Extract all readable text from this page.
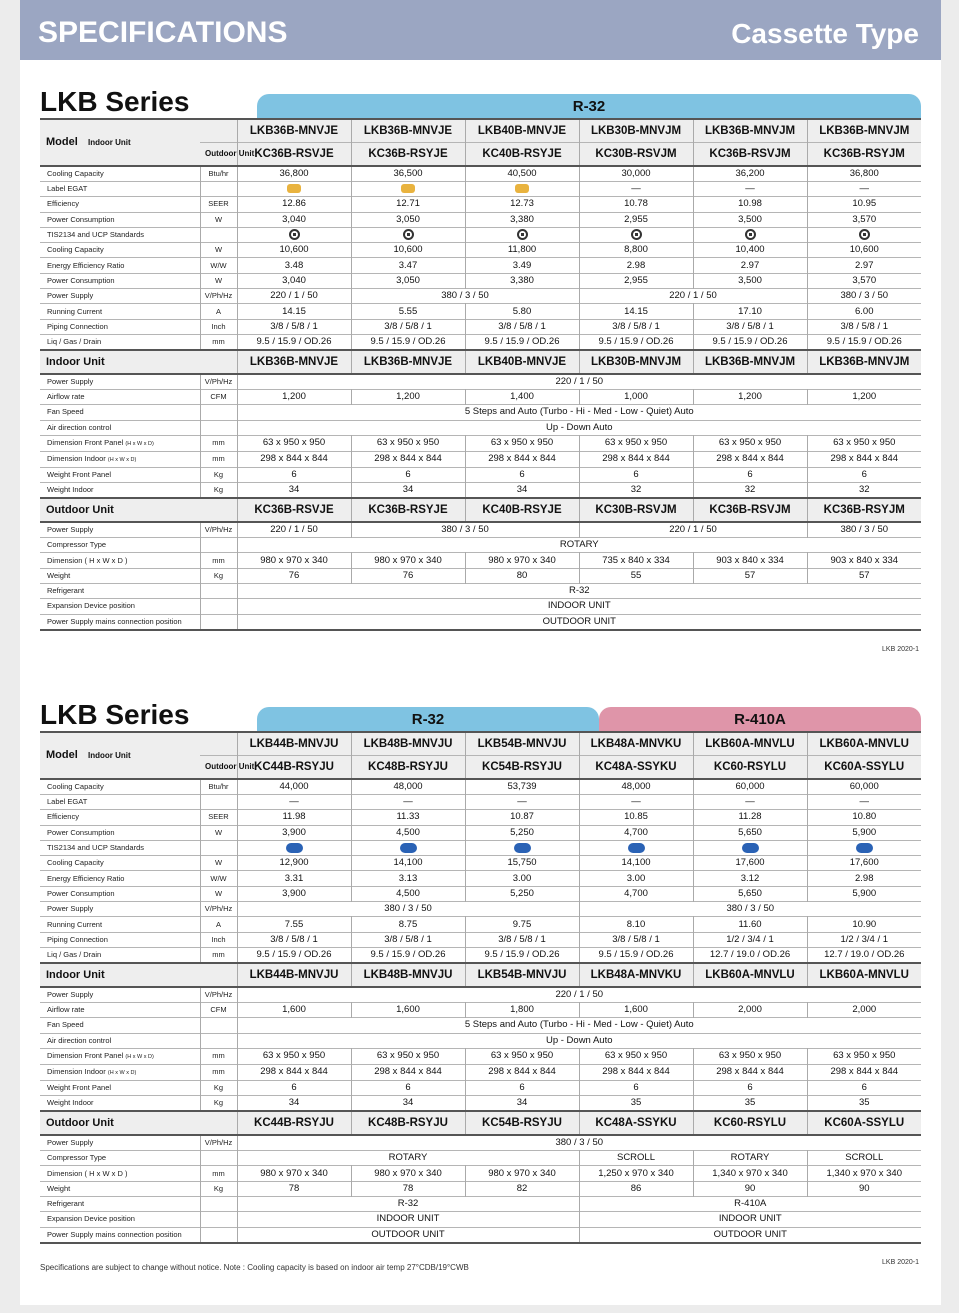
SPECIFICATIONS	Cassette Type
LKB Series	R-32
Model Indoor Unit		LKB36B-MNVJE	LKB36B-MNVJE	LKB40B-MNVJE	LKB30B-MNVJM	LKB36B-MNVJM	LKB36B-MNVJM
	Outdoor Unit	KC36B-RSVJE	KC36B-RSYJE	KC40B-RSYJE	KC30B-RSVJM	KC36B-RSVJM	KC36B-RSYJM
Cooling Capacity	Btu/hr	36,800	36,500	40,500	30,000	36,200	36,800
Label EGAT					—	—	—
Efficiency	SEER	12.86	12.71	12.73	10.78	10.98	10.95
Power Consumption	W	3,040	3,050	3,380	2,955	3,500	3,570
TIS2134 and UCP Standards							
Cooling Capacity	W	10,600	10,600	11,800	8,800	10,400	10,600
Energy Efficiency Ratio	W/W	3.48	3.47	3.49	2.98	2.97	2.97
Power Consumption	W	3,040	3,050	3,380	2,955	3,500	3,570
Power Supply	V/Ph/Hz	220 / 1 / 50	380 / 3 / 50		220 / 1 / 50		380 / 3 / 50
Running Current	A	14.15	5.55	5.80	14.15	17.10	6.00
Piping Connection	Inch	3/8 / 5/8 / 1	3/8 / 5/8 / 1	3/8 / 5/8 / 1	3/8 / 5/8 / 1	3/8 / 5/8 / 1	3/8 / 5/8 / 1
Liq / Gas / Drain	mm	9.5 / 15.9 / OD.26	9.5 / 15.9 / OD.26	9.5 / 15.9 / OD.26	9.5 / 15.9 / OD.26	9.5 / 15.9 / OD.26	9.5 / 15.9 / OD.26
Indoor Unit		LKB36B-MNVJE	LKB36B-MNVJE	LKB40B-MNVJE	LKB30B-MNVJM	LKB36B-MNVJM	LKB36B-MNVJM
Power Supply	V/Ph/Hz	220 / 1 / 50					
Airflow rate	CFM	1,200	1,200	1,400	1,000	1,200	1,200
Fan Speed		5 Steps and Auto (Turbo - Hi - Med - Low - Quiet) Auto					
Air direction control		Up - Down Auto					
Dimension Front Panel (H x W x D)	mm	63 x 950 x 950	63 x 950 x 950	63 x 950 x 950	63 x 950 x 950	63 x 950 x 950	63 x 950 x 950
Dimension Indoor (H x W x D)	mm	298 x 844 x 844	298 x 844 x 844	298 x 844 x 844	298 x 844 x 844	298 x 844 x 844	298 x 844 x 844
Weight Front Panel	Kg	6	6	6	6	6	6
Weight Indoor	Kg	34	34	34	32	32	32
Outdoor Unit		KC36B-RSVJE	KC36B-RSYJE	KC40B-RSYJE	KC30B-RSVJM	KC36B-RSVJM	KC36B-RSYJM
Power Supply	V/Ph/Hz	220 / 1 / 50	380 / 3 / 50		220 / 1 / 50		380 / 3 / 50
Compressor Type		ROTARY					
Dimension ( H x W x D )	mm	980 x 970 x 340	980 x 970 x 340	980 x 970 x 340	735 x 840 x 334	903 x 840 x 334	903 x 840 x 334
Weight	Kg	76	76	80	55	57	57
Refrigerant		R-32					
Expansion Device position		INDOOR UNIT					
Power Supply mains connection position		OUTDOOR UNIT					
LKB 2020-1
LKB Series	R-32	R-410A
Model Indoor Unit		LKB44B-MNVJU	LKB48B-MNVJU	LKB54B-MNVJU	LKB48A-MNVKU	LKB60A-MNVLU	LKB60A-MNVLU
	Outdoor Unit	KC44B-RSYJU	KC48B-RSYJU	KC54B-RSYJU	KC48A-SSYKU	KC60-RSYLU	KC60A-SSYLU
Cooling Capacity	Btu/hr	44,000	48,000	53,739	48,000	60,000	60,000
Label EGAT		—	—	—	—	—	—
Efficiency	SEER	11.98	11.33	10.87	10.85	11.28	10.80
Power Consumption	W	3,900	4,500	5,250	4,700	5,650	5,900
TIS2134 and UCP Standards							
Cooling Capacity	W	12,900	14,100	15,750	14,100	17,600	17,600
Energy Efficiency Ratio	W/W	3.31	3.13	3.00	3.00	3.12	2.98
Power Consumption	W	3,900	4,500	5,250	4,700	5,650	5,900
Power Supply	V/Ph/Hz	380 / 3 / 50			380 / 3 / 50		
Running Current	A	7.55	8.75	9.75	8.10	11.60	10.90
Piping Connection	Inch	3/8 / 5/8 / 1	3/8 / 5/8 / 1	3/8 / 5/8 / 1	3/8 / 5/8 / 1	1/2 / 3/4 / 1	1/2 / 3/4 / 1
Liq / Gas / Drain	mm	9.5 / 15.9 / OD.26	9.5 / 15.9 / OD.26	9.5 / 15.9 / OD.26	9.5 / 15.9 / OD.26	12.7 / 19.0 / OD.26	12.7 / 19.0 / OD.26
Indoor Unit		LKB44B-MNVJU	LKB48B-MNVJU	LKB54B-MNVJU	LKB48A-MNVKU	LKB60A-MNVLU	LKB60A-MNVLU
Power Supply	V/Ph/Hz	220 / 1 / 50					
Airflow rate	CFM	1,600	1,600	1,800	1,600	2,000	2,000
Fan Speed		5 Steps and Auto (Turbo - Hi - Med - Low - Quiet) Auto					
Air direction control		Up - Down Auto					
Dimension Front Panel (H x W x D)	mm	63 x 950 x 950	63 x 950 x 950	63 x 950 x 950	63 x 950 x 950	63 x 950 x 950	63 x 950 x 950
Dimension Indoor (H x W x D)	mm	298 x 844 x 844	298 x 844 x 844	298 x 844 x 844	298 x 844 x 844	298 x 844 x 844	298 x 844 x 844
Weight Front Panel	Kg	6	6	6	6	6	6
Weight Indoor	Kg	34	34	34	35	35	35
Outdoor Unit		KC44B-RSYJU	KC48B-RSYJU	KC54B-RSYJU	KC48A-SSYKU	KC60-RSYLU	KC60A-SSYLU
Power Supply	V/Ph/Hz	380 / 3 / 50					
Compressor Type		ROTARY			SCROLL	ROTARY	SCROLL
Dimension ( H x W x D )	mm	980 x 970 x 340	980 x 970 x 340	980 x 970 x 340	1,250 x 970 x 340	1,340 x 970 x 340	1,340 x 970 x 340
Weight	Kg	78	78	82	86	90	90
Refrigerant		R-32			R-410A		
Expansion Device position		INDOOR UNIT			INDOOR UNIT		
Power Supply mains connection position		OUTDOOR UNIT			OUTDOOR UNIT		
Specifications are subject to change without notice. Note : Cooling capacity is based on indoor air temp 27°CDB/19°CWB
LKB 2020-1
